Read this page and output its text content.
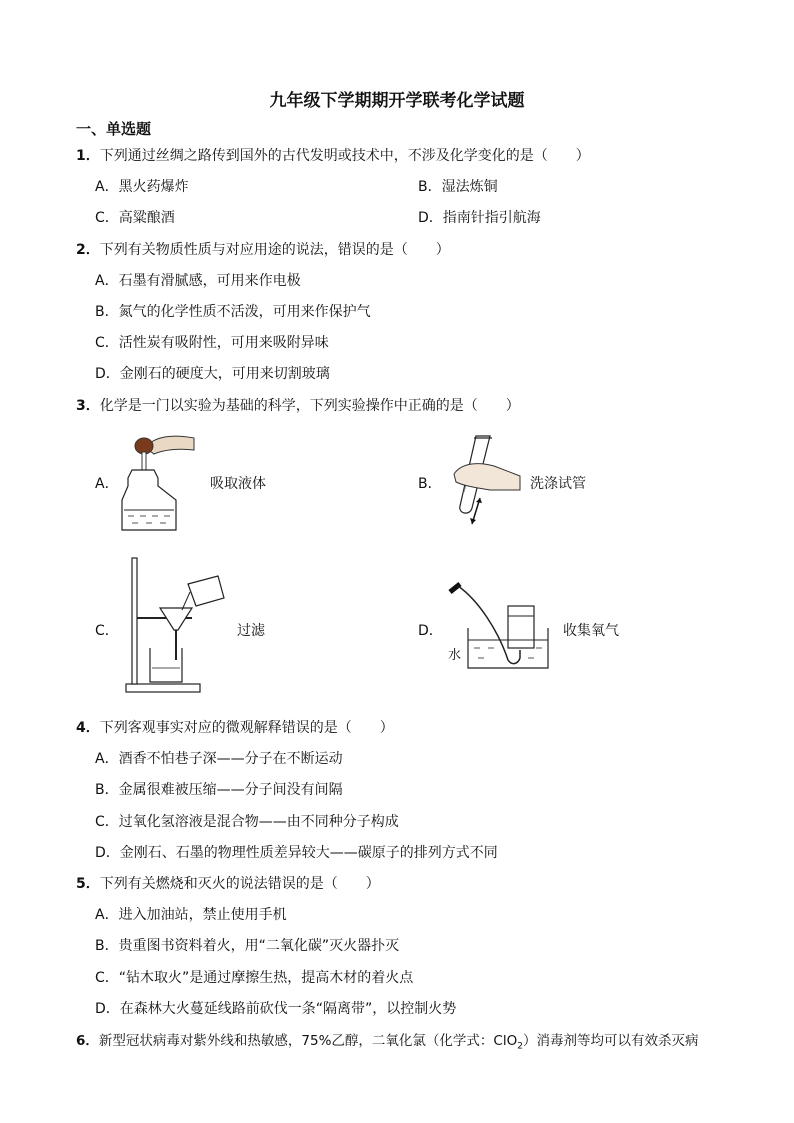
九年级下学期期开学联考化学试题
一、单选题
1．下列通过丝绸之路传到国外的古代发明或技术中，不涉及化学变化的是（　　）
A．黑火药爆炸	B．湿法炼铜
C．高粱酿酒	D．指南针指引航海
2．下列有关物质性质与对应用途的说法，错误的是（　　）
A．石墨有滑腻感，可用来作电极
B．氮气的化学性质不活泼，可用来作保护气
C．活性炭有吸附性，可用来吸附异味
D．金刚石的硬度大，可用来切割玻璃
3．化学是一门以实验为基础的科学，下列实验操作中正确的是（　　）
A．	吸取液体	B．	洗涤试管
C．	过滤	D．
水
收集氧气
4．下列客观事实对应的微观解释错误的是（　　）
A．酒香不怕巷子深——分子在不断运动
B．金属很难被压缩——分子间没有间隔
C．过氧化氢溶液是混合物——由不同种分子构成
D．金刚石、石墨的物理性质差异较大——碳原子的排列方式不同
5．下列有关燃烧和灭火的说法错误的是（　　）
A．进入加油站，禁止使用手机
B．贵重图书资料着火，用“二氧化碳”灭火器扑灭
C．“钻木取火”是通过摩擦生热，提高木材的着火点
D．在森林大火蔓延线路前砍伐一条“隔离带”，以控制火势
6．新型冠状病毒对紫外线和热敏感，75%乙醇，二氧化氯（化学式：ClO$_2$）消毒剂等均可以有效杀灭病
